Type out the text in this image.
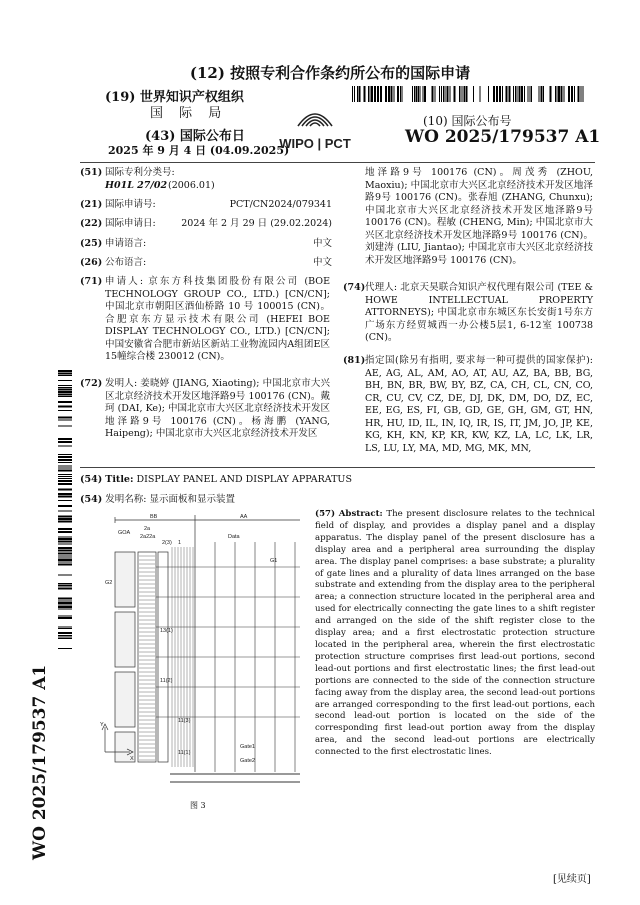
(12) 按照专利合作条约所公布的国际申请
(19) 世界知识产权组织
国 际 局
(43) 国际公布日
2025 年 9 月 4 日 (04.09.2025)
(10) 国际公布号
WO 2025/179537 A1
WIPO | PCT
WO 2025/179537 A1
(51) 国际专利分类号:
H01L 27/02 (2006.01)
(21) 国际申请号:	PCT/CN2024/079341
(22) 国际申请日:	2024 年 2 月 29 日 (29.02.2024)
(25) 申请语言:	中文
(26) 公布语言:	中文
(71) 申请人: 京东方科技集团股份有限公司 (BOE TECHNOLOGY GROUP CO., LTD.) [CN/CN]; 中国北京市朝阳区酒仙桥路 10 号 100015 (CN)。合肥京东方显示技术有限公司 (HEFEI BOE DISPLAY TECHNOLOGY CO., LTD.) [CN/CN]; 中国安徽省合肥市新站区新站工业物流园内A组团E区15幢综合楼 230012 (CN)。
(72) 发明人: 姜晓婷 (JIANG, Xiaoting); 中国北京市大兴区北京经济技术开发区地泽路9号 100176 (CN)。戴珂 (DAI, Ke); 中国北京市大兴区北京经济技术开发区地泽路9号 100176 (CN)。杨海鹏 (YANG, Haipeng); 中国北京市大兴区北京经济技术开发区
地泽路9号 100176 (CN)。周茂秀 (ZHOU, Maoxiu); 中国北京市大兴区北京经济技术开发区地泽路9号 100176 (CN)。张春旭 (ZHANG, Chunxu); 中国北京市大兴区北京经济技术开发区地泽路9号 100176 (CN)。程敏 (CHENG, Min); 中国北京市大兴区北京经济技术开发区地泽路9号 100176 (CN)。刘建涛 (LIU, Jiantao); 中国北京市大兴区北京经济技术开发区地泽路9号 100176 (CN)。
(74) 代理人: 北京天昊联合知识产权代理有限公司 (TEE & HOWE INTELLECTUAL PROPERTY ATTORNEYS); 中国北京市东城区东长安街1号东方广场东方经贸城西一办公楼5层1, 6-12室 100738 (CN)。
(81) 指定国(除另有指明, 要求每一种可提供的国家保护): AE, AG, AL, AM, AO, AT, AU, AZ, BA, BB, BG, BH, BN, BR, BW, BY, BZ, CA, CH, CL, CN, CO, CR, CU, CV, CZ, DE, DJ, DK, DM, DO, DZ, EC, EE, EG, ES, FI, GB, GD, GE, GH, GM, GT, HN, HR, HU, ID, IL, IN, IQ, IR, IS, IT, JM, JO, JP, KE, KG, KH, KN, KP, KR, KW, KZ, LA, LC, LK, LR, LS, LU, LY, MA, MD, MG, MK, MN,
(54) Title: DISPLAY PANEL AND DISPLAY APPARATUS
(54) 发明名称: 显示面板和显示装置
(57) Abstract: The present disclosure relates to the technical field of display, and provides a display panel and a display apparatus. The display panel of the present disclosure has a display area and a peripheral area surrounding the display area. The display panel comprises: a base substrate; a plurality of gate lines and a plurality of data lines arranged on the base substrate and extending from the display area to the peripheral area; a connection structure located in the peripheral area and used for electrically connecting the gate lines to a shift register and arranged on the side of the shift register close to the display area; and a first electrostatic protection structure located in the peripheral area, wherein the first electrostatic protection structure comprises first lead-out portions, second lead-out portions and first electrostatic lines; the first lead-out portions are connected to the side of the connection structure facing away from the display area, the second lead-out portions are arranged corresponding to the first lead-out portions, each second lead-out portion is located on the side of the corresponding first lead-out portion away from the display area, and the second lead-out portions are electrically connected to the first electrostatic lines.
BB	AA
GOA
2a
2a22a
2(3) 1
Data
G1
G2
Gate1
Gate2
11(3)
11(1)
13(1)
11(2)
Y
X
图 3
[见续页]
